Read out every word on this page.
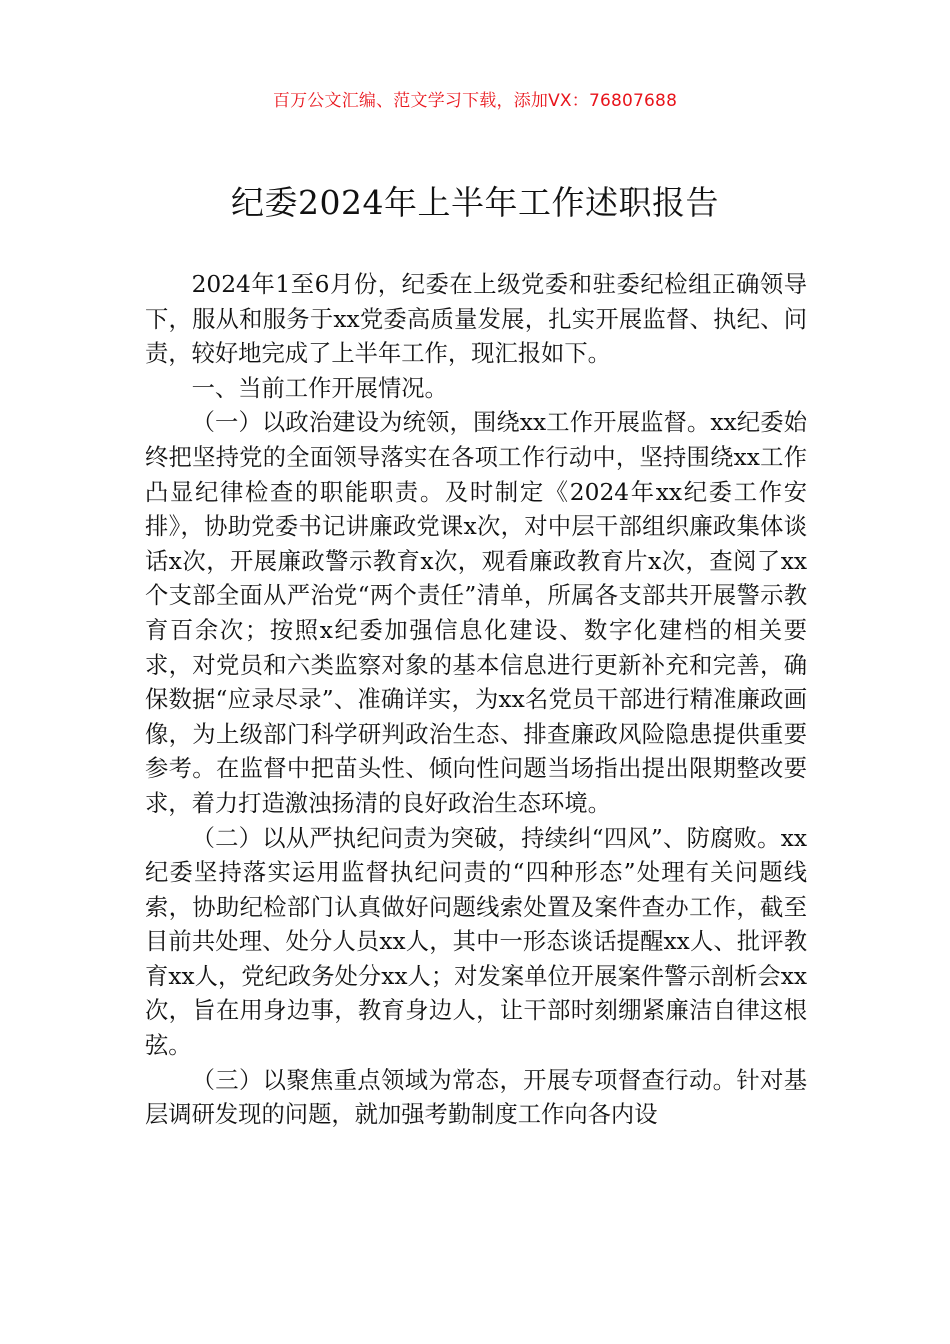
百万公文汇编、范文学习下载，添加VX：76807688
纪委2024年上半年工作述职报告

2024年1至6月份，纪委在上级党委和驻委纪检组正确领导下，服从和服务于xx党委高质量发展，扎实开展监督、执纪、问责，较好地完成了上半年工作，现汇报如下。

一、当前工作开展情况。

（一）以政治建设为统领，围绕xx工作开展监督。xx纪委始终把坚持党的全面领导落实在各项工作行动中，坚持围绕xx工作凸显纪律检查的职能职责。及时制定《2024年xx纪委工作安排》，协助党委书记讲廉政党课x次，对中层干部组织廉政集体谈话x次，开展廉政警示教育x次，观看廉政教育片x次，查阅了xx个支部全面从严治党“两个责任”清单，所属各支部共开展警示教育百余次；按照x纪委加强信息化建设、数字化建档的相关要求，对党员和六类监察对象的基本信息进行更新补充和完善，确保数据“应录尽录”、准确详实，为xx名党员干部进行精准廉政画像，为上级部门科学研判政治生态、排查廉政风险隐患提供重要参考。在监督中把苗头性、倾向性问题当场指出提出限期整改要求，着力打造激浊扬清的良好政治生态环境。

（二）以从严执纪问责为突破，持续纠“四风”、防腐败。xx纪委坚持落实运用监督执纪问责的“四种形态”处理有关问题线索，协助纪检部门认真做好问题线索处置及案件查办工作，截至目前共处理、处分人员xx人，其中一形态谈话提醒xx人、批评教育xx人，党纪政务处分xx人；对发案单位开展案件警示剖析会xx次，旨在用身边事，教育身边人，让干部时刻绷紧廉洁自律这根弦。

（三）以聚焦重点领域为常态，开展专项督查行动。针对基层调研发现的问题，就加强考勤制度工作向各内设
